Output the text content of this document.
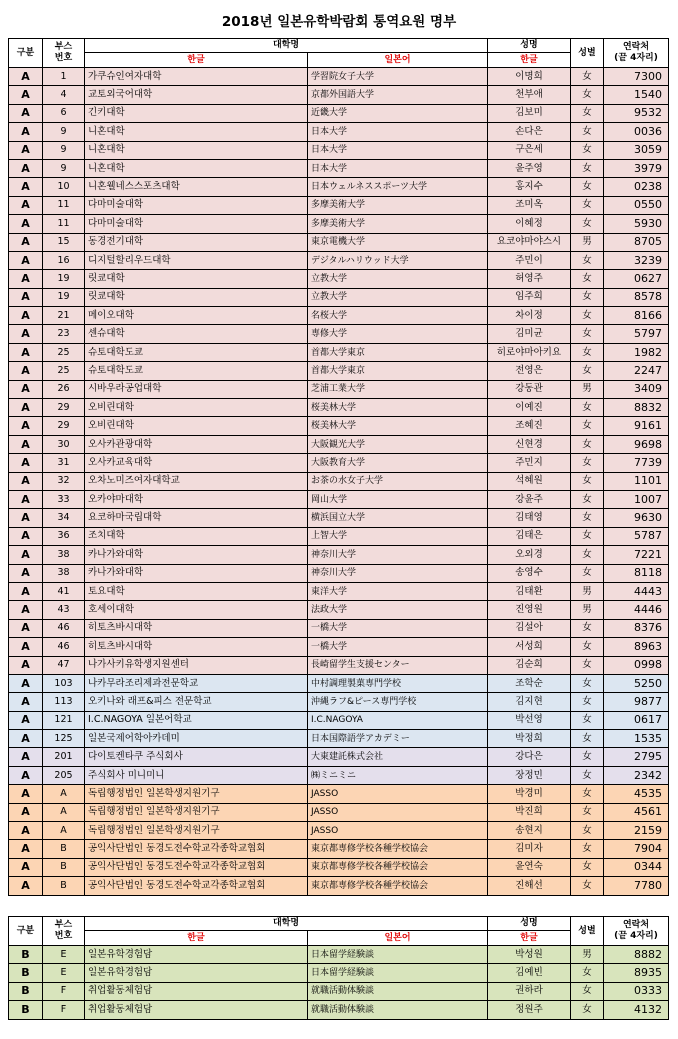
2018년 일본유학박람회 통역요원 명부
구분	부스
번호	대학명		성명	성별	연락처
(끝 4자리)
		한글	일본어	한글		
A	1	가쿠슈인여자대학	学習院女子大学	이명희	女	7300
A	4	교토외국어대학	京都外国語大学	천부애	女	1540
A	6	긴키대학	近畿大学	김보미	女	9532
A	9	니혼대학	日本大学	손다은	女	0036
A	9	니혼대학	日本大学	구은세	女	3059
A	9	니혼대학	日本大学	윤주영	女	3979
A	10	니혼웰네스스포츠대학	日本ウェルネススポーツ大学	홍지수	女	0238
A	11	다마미술대학	多摩美術大学	조미옥	女	0550
A	11	다마미술대학	多摩美術大学	이혜정	女	5930
A	15	동경전기대학	東京電機大学	요코야마야스시	男	8705
A	16	디지털할리우드대학	デジタルハリウッド大学	주민이	女	3239
A	19	릿쿄대학	立教大学	허영주	女	0627
A	19	릿쿄대학	立教大学	임주희	女	8578
A	21	메이오대학	名桜大学	차이정	女	8166
A	23	센슈대학	専修大学	김미균	女	5797
A	25	슈토대학도쿄	首都大学東京	히로야마아키요	女	1982
A	25	슈토대학도쿄	首都大学東京	전영은	女	2247
A	26	시바우라공업대학	芝浦工業大学	강동관	男	3409
A	29	오비린대학	桜美林大学	이예진	女	8832
A	29	오비린대학	桜美林大学	조혜진	女	9161
A	30	오사카관광대학	大阪観光大学	신현경	女	9698
A	31	오사카교육대학	大阪教育大学	주민지	女	7739
A	32	오차노미즈여자대학교	お茶の水女子大学	석혜원	女	1101
A	33	오카야마대학	岡山大学	강윤주	女	1007
A	34	요코하마국립대학	横浜国立大学	김태영	女	9630
A	36	조치대학	上智大学	김태은	女	5787
A	38	카나가와대학	神奈川大学	오외경	女	7221
A	38	카나가와대학	神奈川大学	송영수	女	8118
A	41	토요대학	東洋大学	김태환	男	4443
A	43	호세이대학	法政大学	진영원	男	4446
A	46	히토츠바시대학	一橋大学	김설아	女	8376
A	46	히토츠바시대학	一橋大学	서성희	女	8963
A	47	나가사키유학생지원센터	長崎留学生支援センター	김순희	女	0998
A	103	나카무라조리제과전문학교	中村調理製菓専門学校	조학순	女	5250
A	113	오키나와 래프&피스 전문학교	沖縄ラフ&ピース専門学校	김지현	女	9877
A	121	I.C.NAGOYA 일본어학교	I.C.NAGOYA	박선영	女	0617
A	125	일본국제어학아카데미	日本国際語学アカデミー	박정희	女	1535
A	201	다이토켄타쿠 주식회사	大東建託株式会社	강다은	女	2795
A	205	주식회사 미니미니	㈱ミニミニ	장정민	女	2342
A	A	독립행정법인 일본학생지원기구	JASSO	박경미	女	4535
A	A	독립행정법인 일본학생지원기구	JASSO	박진희	女	4561
A	A	독립행정법인 일본학생지원기구	JASSO	송현지	女	2159
A	B	공익사단법인 동경도전수학교각종학교협회	東京都専修学校各種学校協会	김미자	女	7904
A	B	공익사단법인 동경도전수학교각종학교협회	東京都専修学校各種学校協会	윤연숙	女	0344
A	B	공익사단법인 동경도전수학교각종학교협회	東京都専修学校各種学校協会	진해선	女	7780
구분	부스
번호	대학명		성명	성별	연락처
(끝 4자리)
		한글	일본어	한글		
B	E	일본유학경험담	日本留学経験談	박성원	男	8882
B	E	일본유학경험담	日本留学経験談	김예빈	女	8935
B	F	취업활동체험담	就職活動体験談	권하라	女	0333
B	F	취업활동체험담	就職活動体験談	정원주	女	4132
